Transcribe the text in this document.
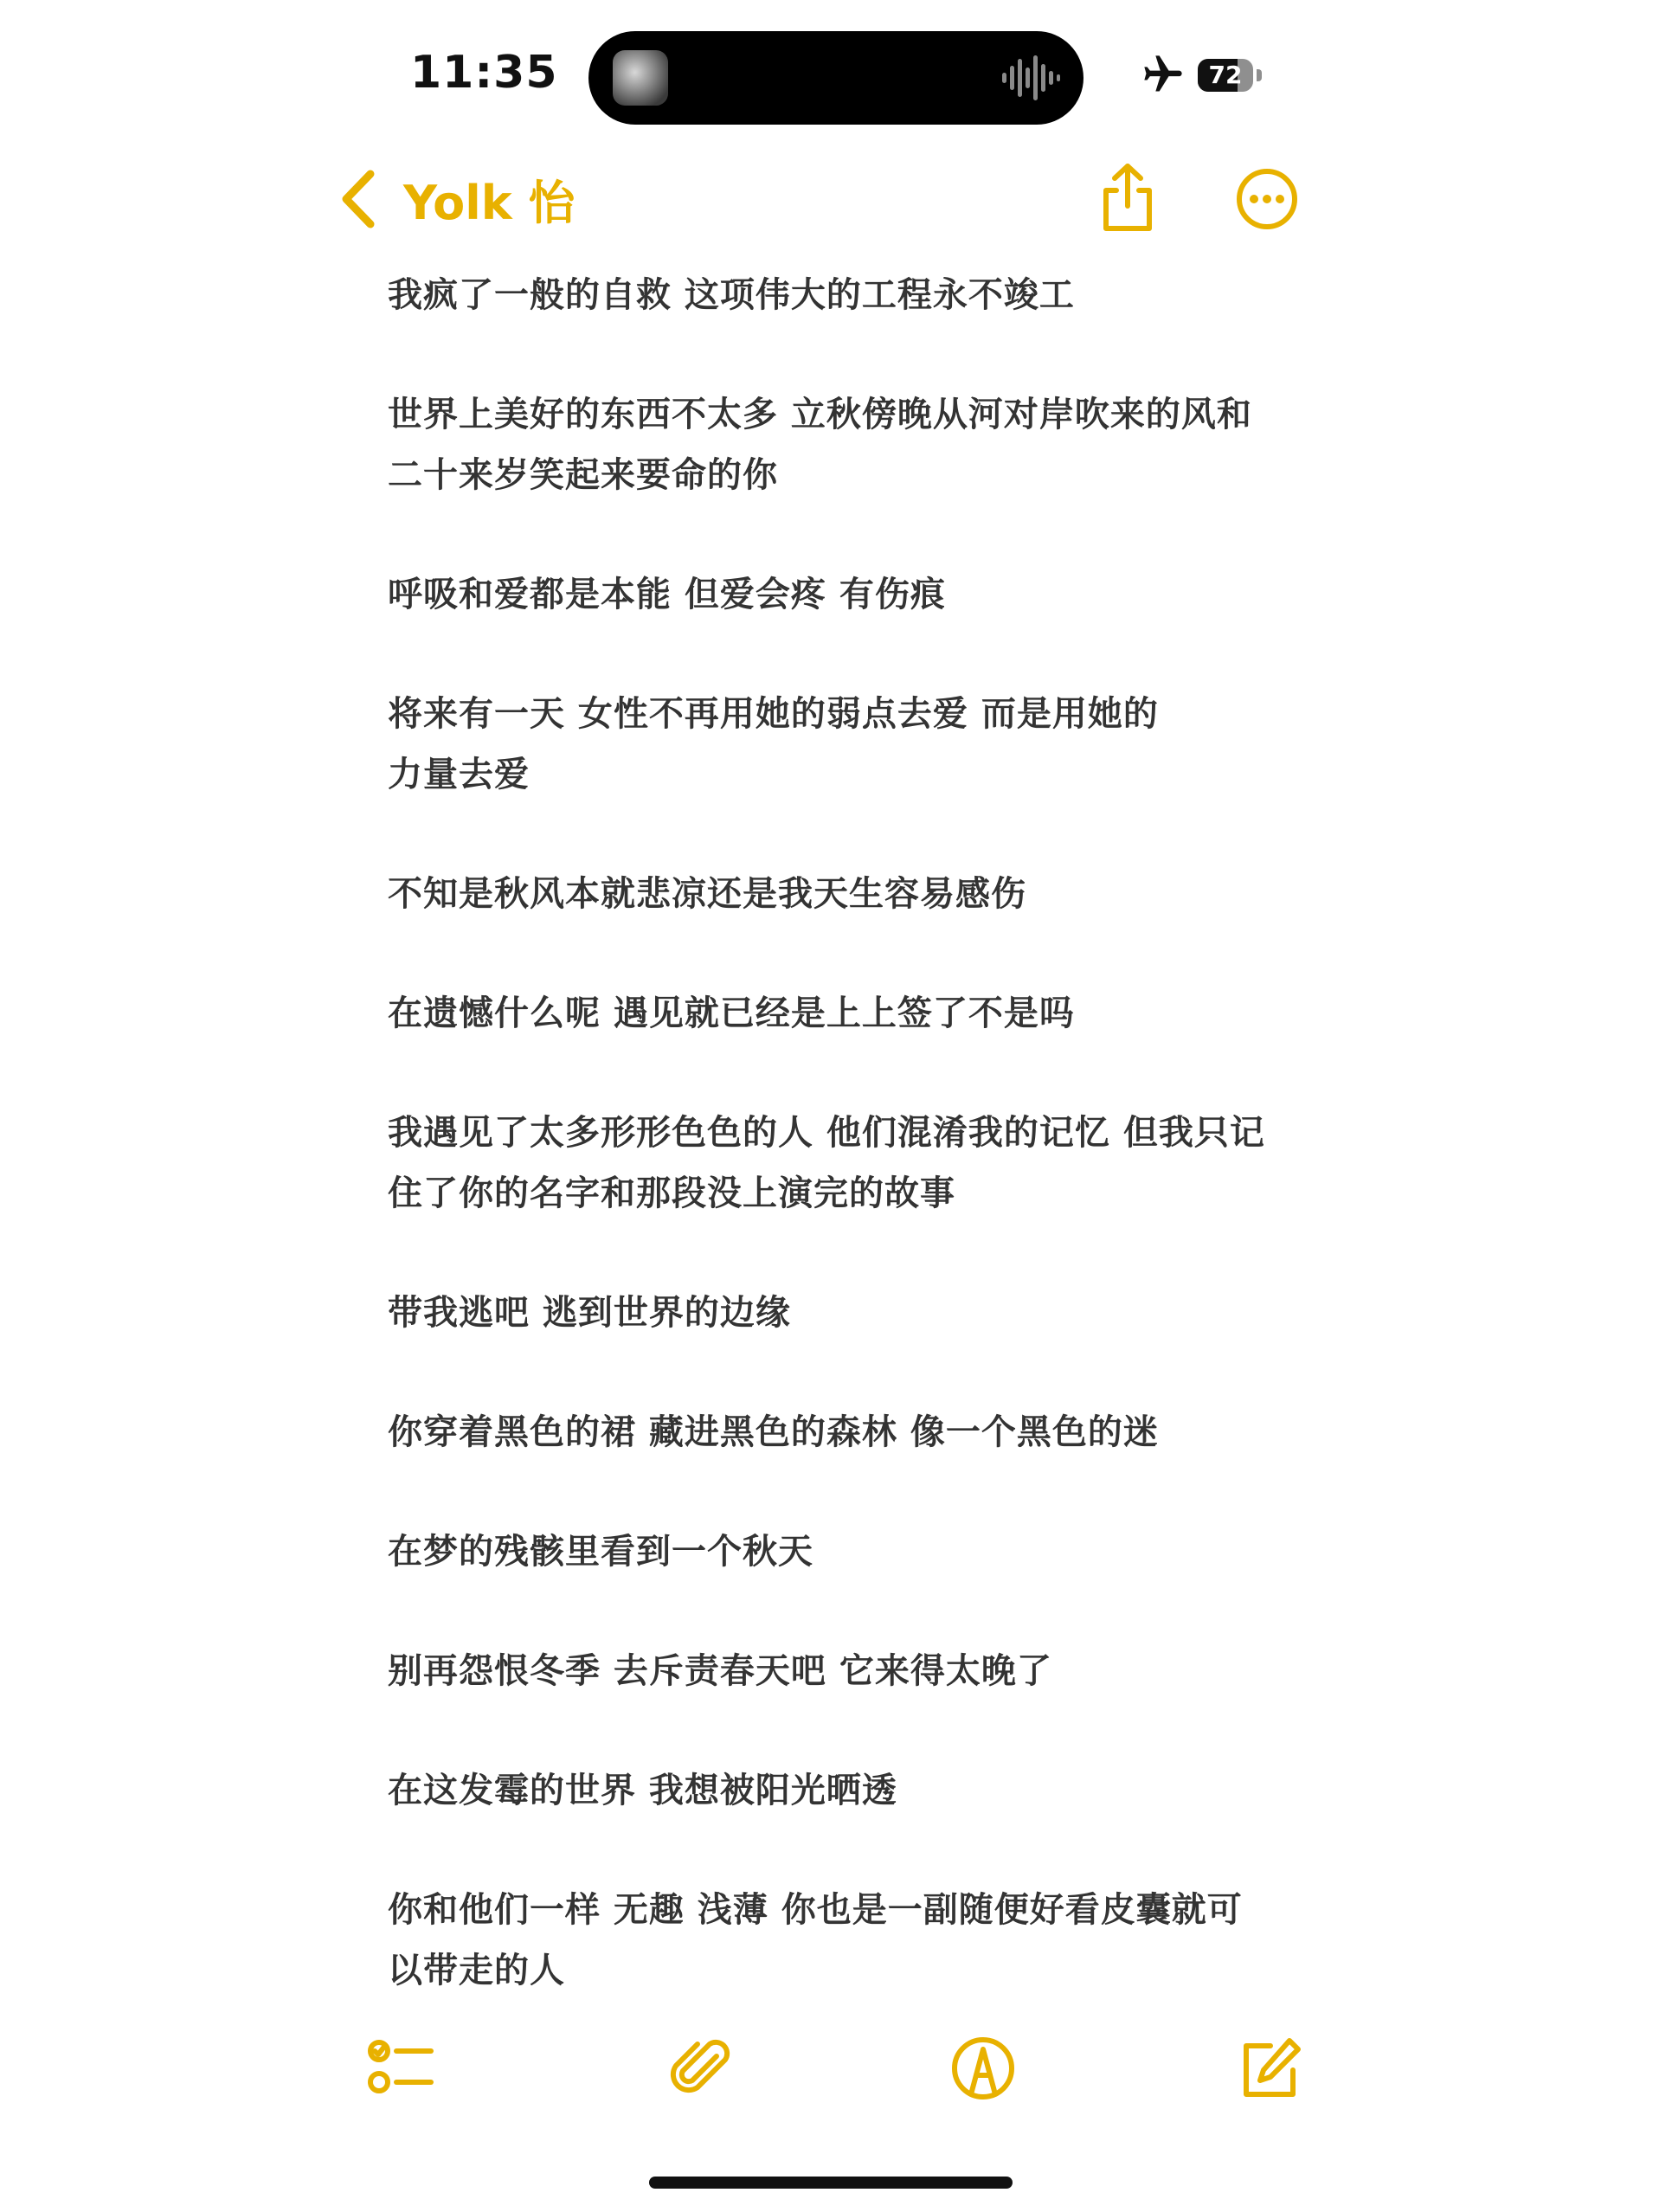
11:35	72
Yolk 怡

我疯了一般的自救 这项伟大的工程永不竣工

世界上美好的东西不太多 立秋傍晚从河对岸吹来的风和
二十来岁笑起来要命的你

呼吸和爱都是本能 但爱会疼 有伤痕

将来有一天 女性不再用她的弱点去爱 而是用她的
力量去爱

不知是秋风本就悲凉还是我天生容易感伤

在遗憾什么呢 遇见就已经是上上签了不是吗

我遇见了太多形形色色的人 他们混淆我的记忆 但我只记
住了你的名字和那段没上演完的故事

带我逃吧 逃到世界的边缘

你穿着黑色的裙 藏进黑色的森林 像一个黑色的迷

在梦的残骸里看到一个秋天

别再怨恨冬季 去斥责春天吧 它来得太晚了

在这发霉的世界 我想被阳光晒透

你和他们一样 无趣 浅薄 你也是一副随便好看皮囊就可
以带走的人
